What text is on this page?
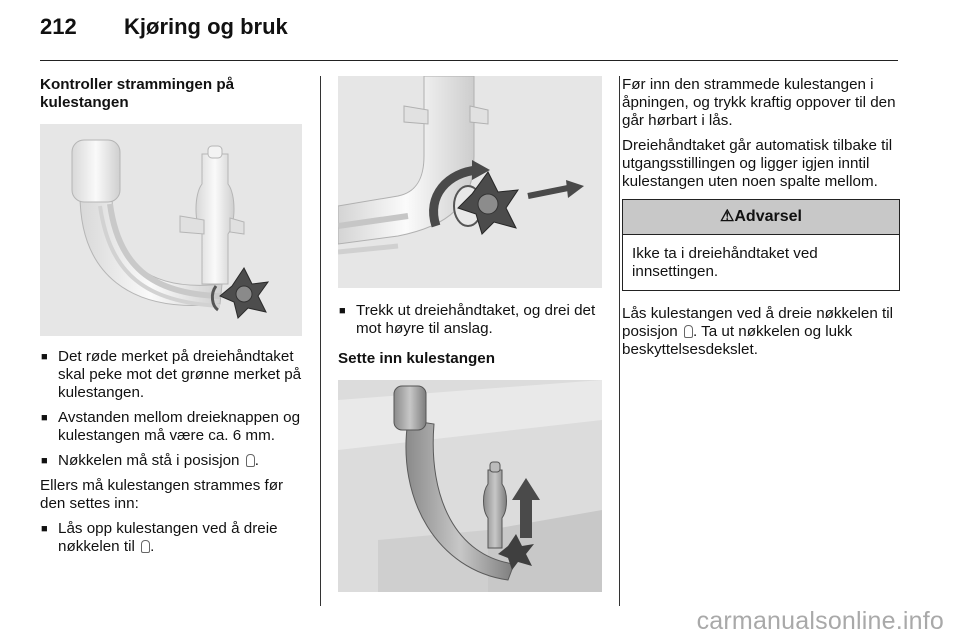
212 Kjøring og bruk
Kontroller strammingen på kulestangen
■ Det røde merket på dreiehåndtaket skal peke mot det grønne merket på kulestangen.
■ Avstanden mellom dreieknappen og kulestangen må være ca. 6 mm.
■ Nøkkelen må stå i posisjon .

Ellers må kulestangen strammes før den settes inn:

■ Lås opp kulestangen ved å dreie nøkkelen til .
■ Trekk ut dreiehåndtaket, og drei det mot høyre til anslag.
Sette inn kulestangen

Før inn den strammede kulestangen i åpningen, og trykk kraftig oppover til den går hørbart i lås.

Dreiehåndtaket går automatisk tilbake til utgangsstillingen og ligger igjen inntil kulestangen uten noen spalte mellom.

⚠Advarsel
Ikke ta i dreiehåndtaket ved innsettingen.

Lås kulestangen ved å dreie nøkkelen til posisjon . Ta ut nøkkelen og lukk beskyttelsesdekslet.

carmanualsonline.info
